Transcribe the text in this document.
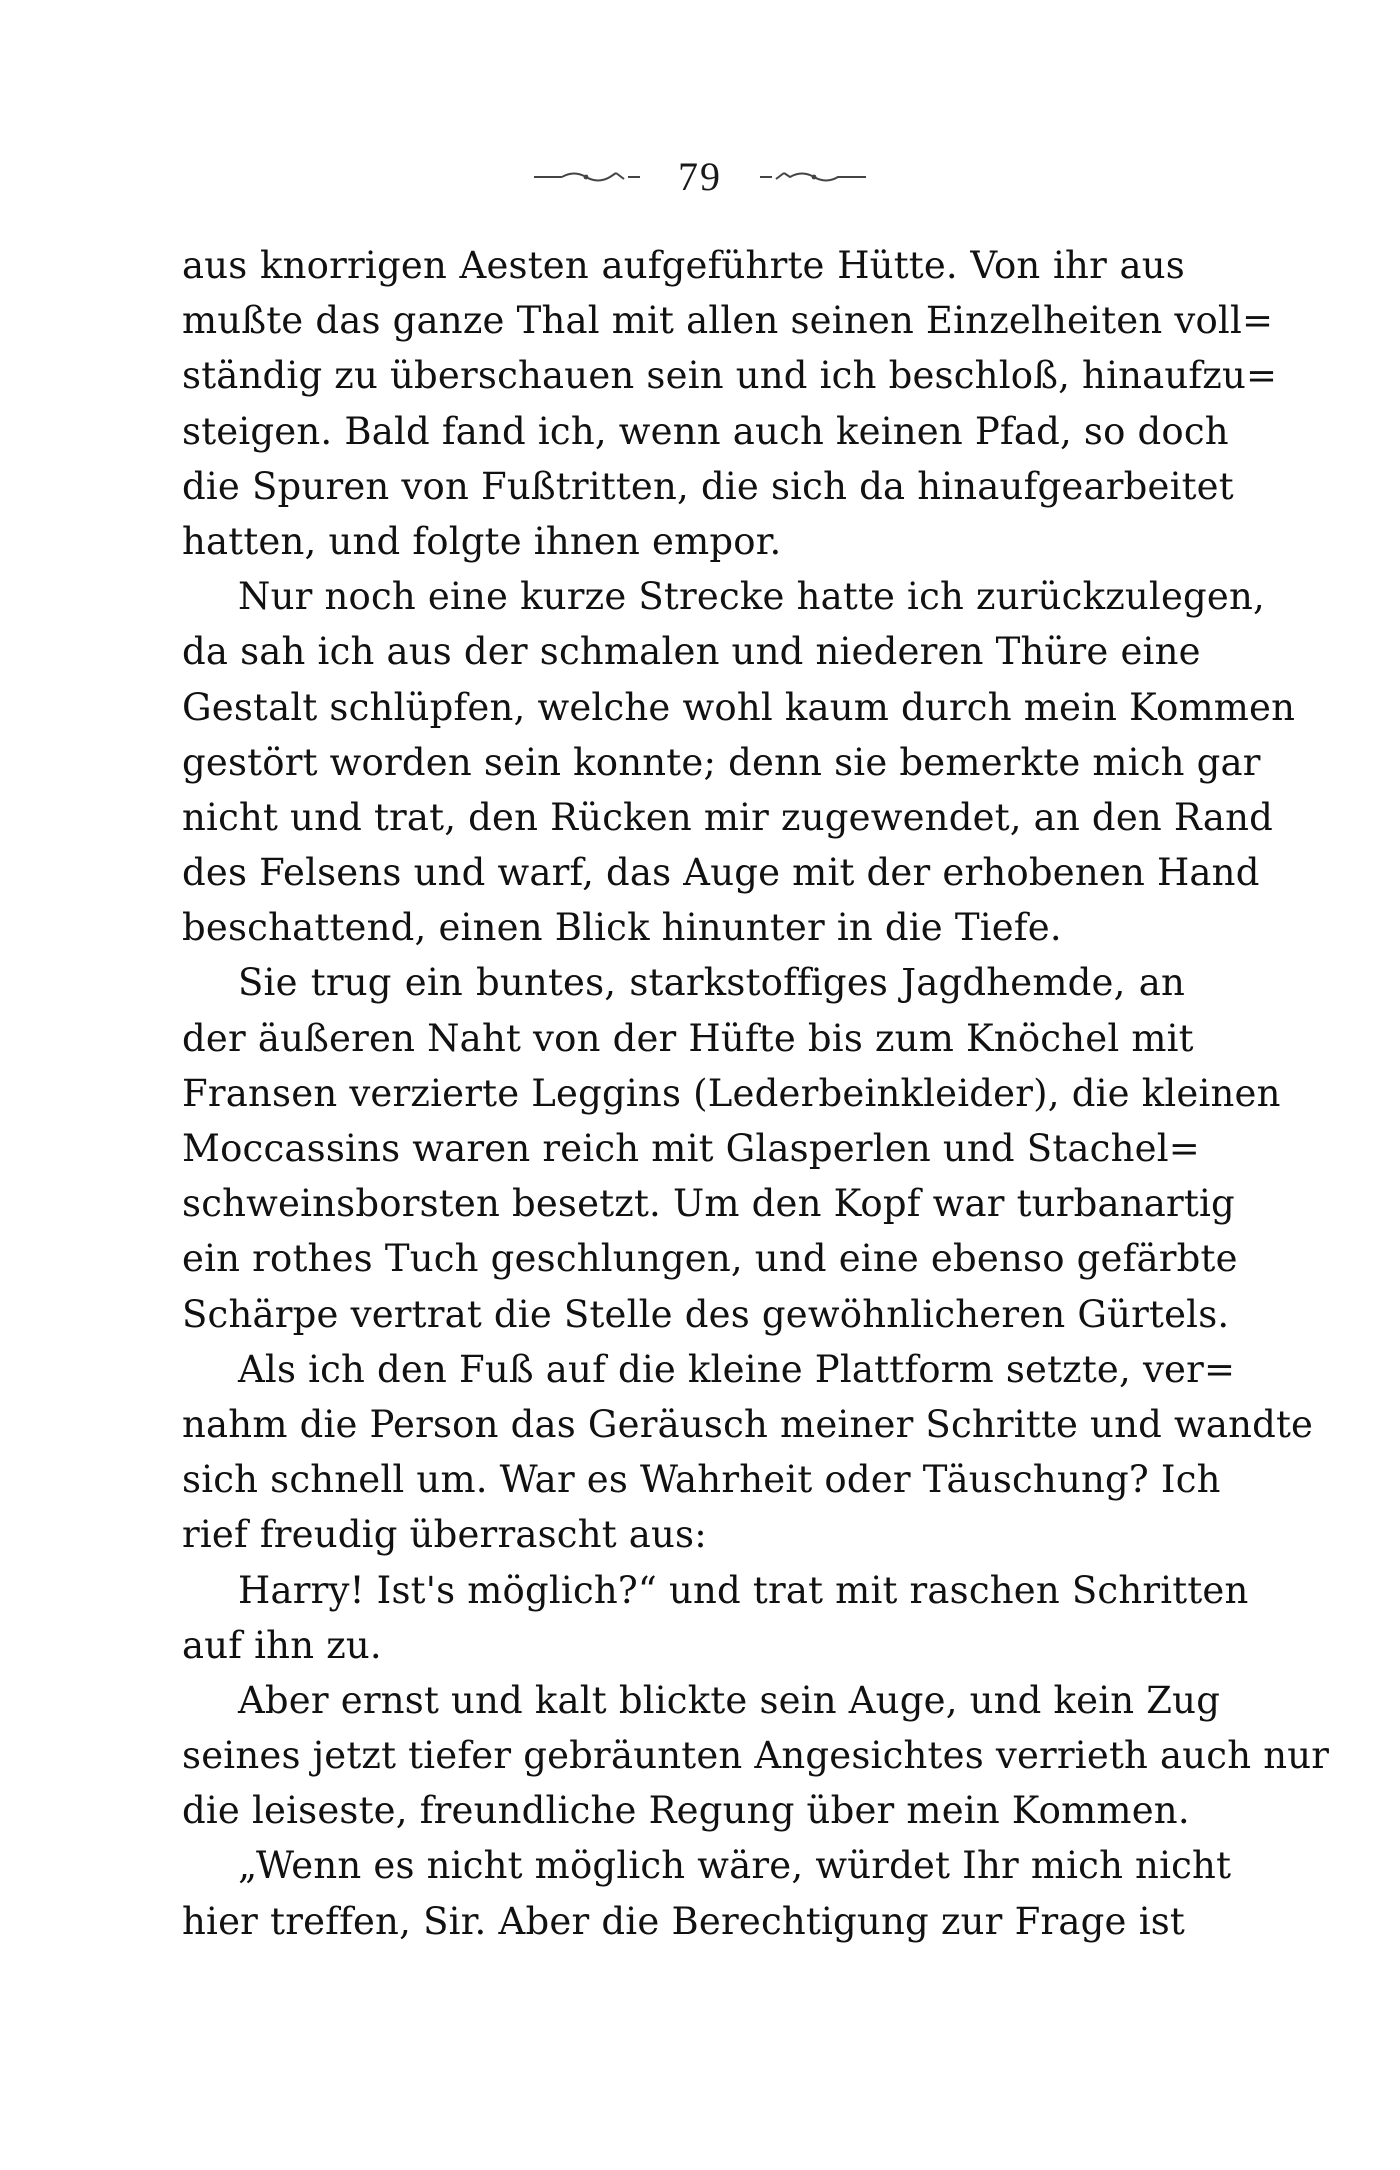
79
aus knorrigen Aesten aufgeführte Hütte. Von ihr aus
mußte das ganze Thal mit allen seinen Einzelheiten voll=
ständig zu überschauen sein und ich beschloß, hinaufzu=
steigen. Bald fand ich, wenn auch keinen Pfad, so doch
die Spuren von Fußtritten, die sich da hinaufgearbeitet
hatten, und folgte ihnen empor.
Nur noch eine kurze Strecke hatte ich zurückzulegen,
da sah ich aus der schmalen und niederen Thüre eine
Gestalt schlüpfen, welche wohl kaum durch mein Kommen
gestört worden sein konnte; denn sie bemerkte mich gar
nicht und trat, den Rücken mir zugewendet, an den Rand
des Felsens und warf, das Auge mit der erhobenen Hand
beschattend, einen Blick hinunter in die Tiefe.
Sie trug ein buntes, starkstoffiges Jagdhemde, an
der äußeren Naht von der Hüfte bis zum Knöchel mit
Fransen verzierte Leggins (Lederbeinkleider), die kleinen
Moccassins waren reich mit Glasperlen und Stachel=
schweinsborsten besetzt. Um den Kopf war turbanartig
ein rothes Tuch geschlungen, und eine ebenso gefärbte
Schärpe vertrat die Stelle des gewöhnlicheren Gürtels.
Als ich den Fuß auf die kleine Plattform setzte, ver=
nahm die Person das Geräusch meiner Schritte und wandte
sich schnell um. War es Wahrheit oder Täuschung? Ich
rief freudig überrascht aus:
Harry! Ist's möglich?“ und trat mit raschen Schritten
auf ihn zu.
Aber ernst und kalt blickte sein Auge, und kein Zug
seines jetzt tiefer gebräunten Angesichtes verrieth auch nur
die leiseste, freundliche Regung über mein Kommen.
„Wenn es nicht möglich wäre, würdet Ihr mich nicht
hier treffen, Sir. Aber die Berechtigung zur Frage ist
